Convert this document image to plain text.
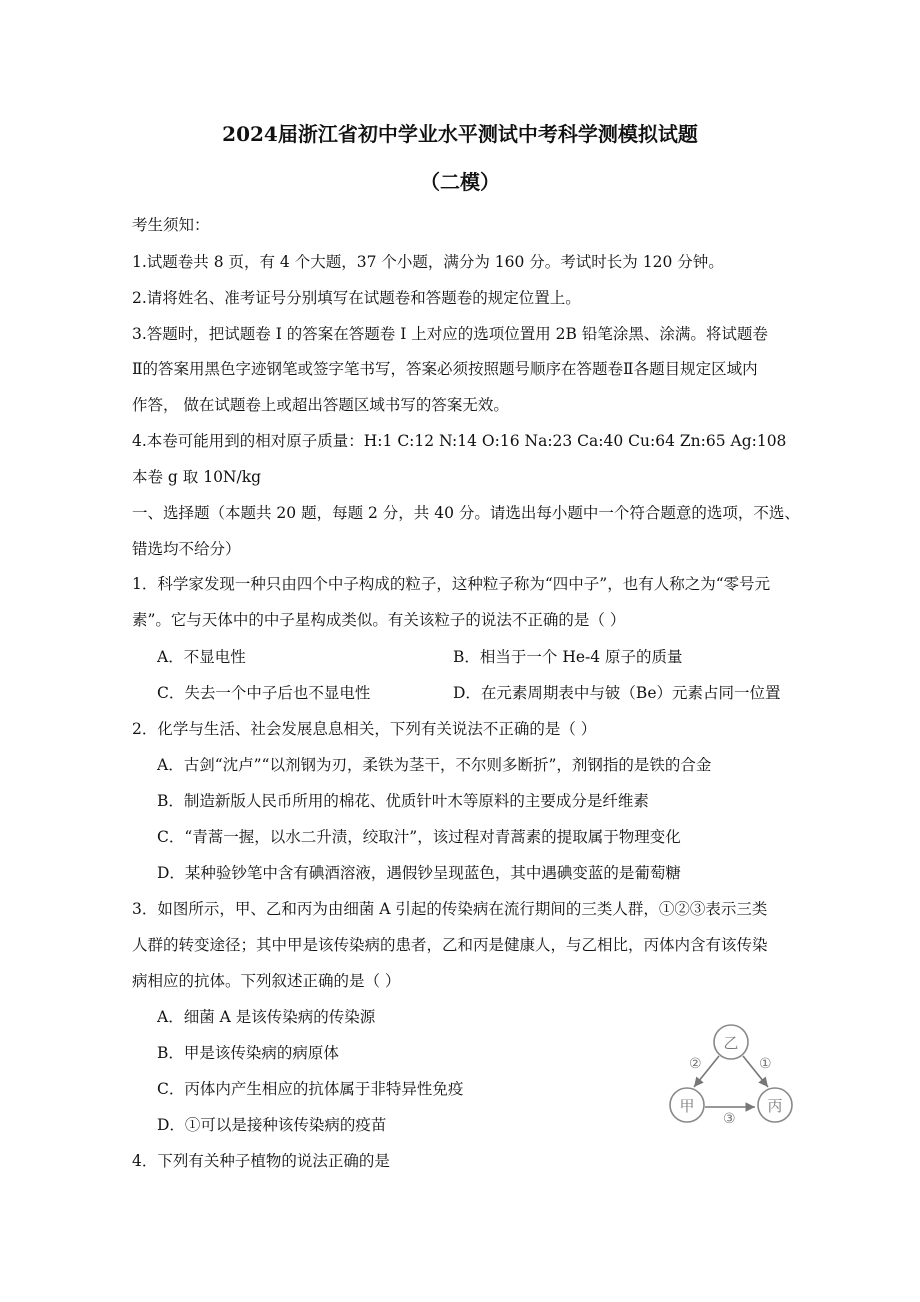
2024届浙江省初中学业水平测试中考科学测模拟试题
（二模）
考生须知：
1.试题卷共 8 页，有 4 个大题，37 个小题，满分为 160 分。考试时长为 120 分钟。
2.请将姓名、准考证号分别填写在试题卷和答题卷的规定位置上。
3.答题时，把试题卷 I 的答案在答题卷 I 上对应的选项位置用 2B 铅笔涂黑、涂满。将试题卷
Ⅱ的答案用黑色字迹钢笔或签字笔书写，答案必须按照题号顺序在答题卷Ⅱ各题目规定区域内
作答， 做在试题卷上或超出答题区域书写的答案无效。
4.本卷可能用到的相对原子质量：H:1 C:12 N:14 O:16 Na:23 Ca:40 Cu:64 Zn:65 Ag:108
本卷 g 取 10N/kg
一、选择题（本题共 20 题，每题 2 分，共 40 分。请选出每小题中一个符合题意的选项，不选、
错选均不给分）
1．科学家发现一种只由四个中子构成的粒子，这种粒子称为“四中子”，也有人称之为“零号元
素”。它与天体中的中子星构成类似。有关该粒子的说法不正确的是（ ）
A．不显电性	B．相当于一个 He-4 原子的质量
C．失去一个中子后也不显电性	D．在元素周期表中与铍（Be）元素占同一位置
2．化学与生活、社会发展息息相关，下列有关说法不正确的是（ ）
A．古剑“沈卢”“以剂钢为刃，柔铁为茎干，不尔则多断折”，剂钢指的是铁的合金
B．制造新版人民币所用的棉花、优质针叶木等原料的主要成分是纤维素
C．“青蒿一握，以水二升渍，绞取汁”，该过程对青蒿素的提取属于物理变化
D．某种验钞笔中含有碘酒溶液，遇假钞呈现蓝色，其中遇碘变蓝的是葡萄糖
3．如图所示，甲、乙和丙为由细菌 A 引起的传染病在流行期间的三类人群，①②③表示三类
人群的转变途径；其中甲是该传染病的患者，乙和丙是健康人，与乙相比，丙体内含有该传染
病相应的抗体。下列叙述正确的是（ ）
A．细菌 A 是该传染病的传染源
B．甲是该传染病的病原体
C．丙体内产生相应的抗体属于非特异性免疫
D．①可以是接种该传染病的疫苗
乙
甲	丙
②	①
③
4．下列有关种子植物的说法正确的是
